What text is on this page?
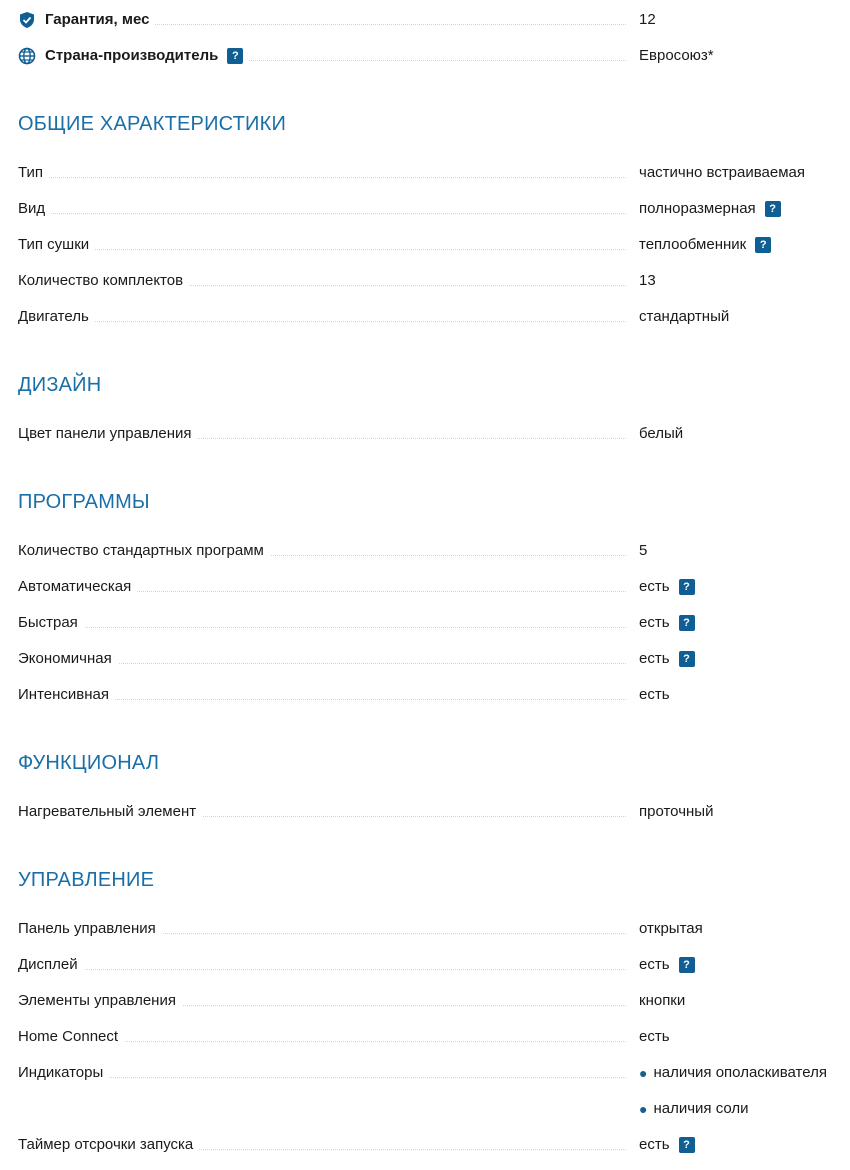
Гарантия, мес	12
Страна-производитель	?	Евросоюз*
ОБЩИЕ ХАРАКТЕРИСТИКИ
Тип	частично встраиваемая
Вид	полноразмерная	?
Тип сушки	теплообменник	?
Количество комплектов	13
Двигатель	стандартный
ДИЗАЙН
Цвет панели управления	белый
ПРОГРАММЫ
Количество стандартных программ	5
Автоматическая	есть	?
Быстрая	есть	?
Экономичная	есть	?
Интенсивная	есть
ФУНКЦИОНАЛ
Нагревательный элемент	проточный
УПРАВЛЕНИЕ
Панель управления	открытая
Дисплей	есть	?
Элементы управления	кнопки
Home Connect	есть
Индикаторы	● наличия ополаскивателя
● наличия соли
Таймер отсрочки запуска	есть	?
